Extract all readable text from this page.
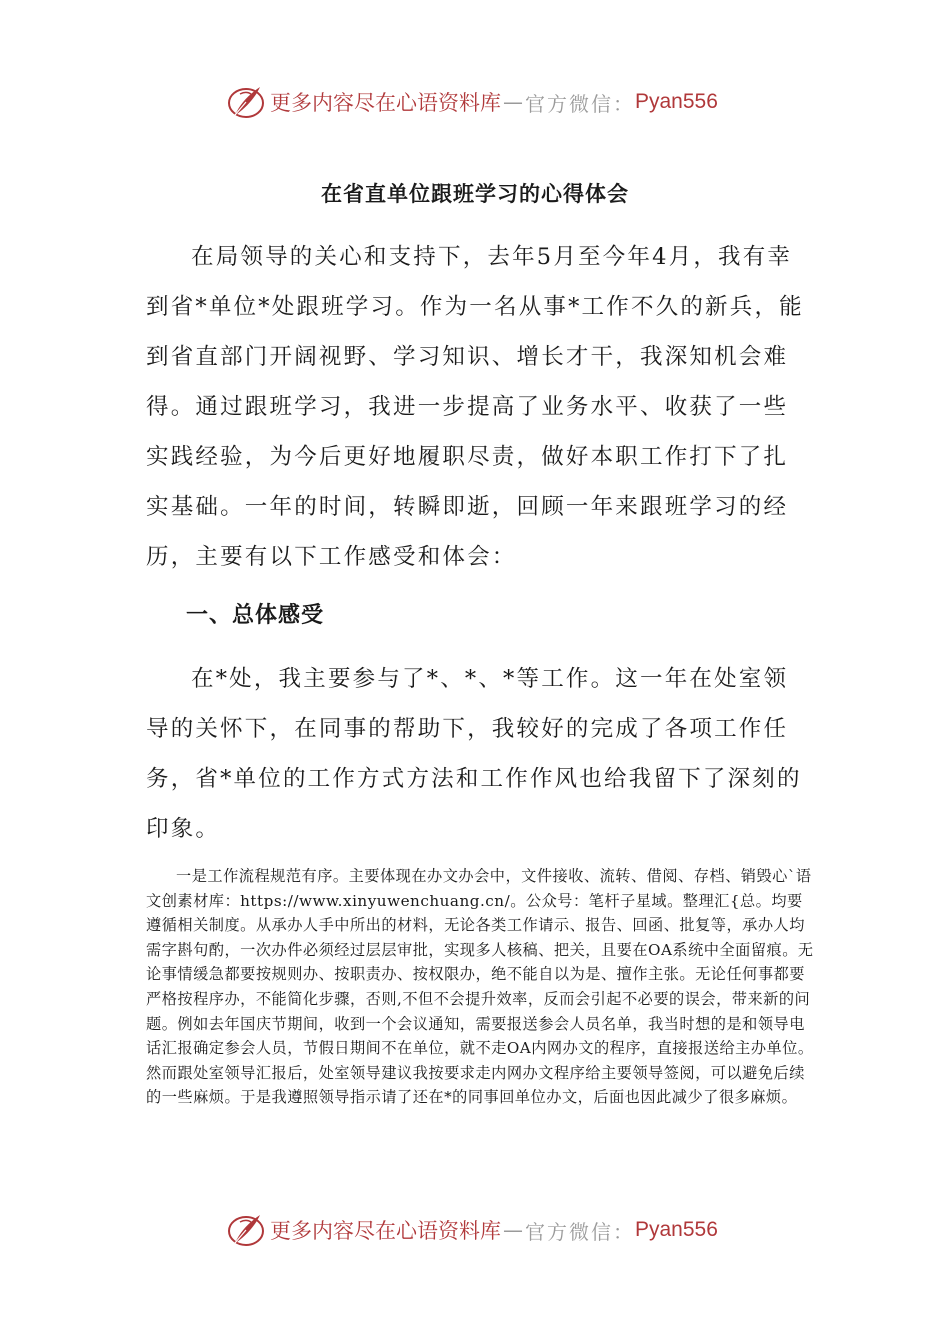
更多内容尽在心语资料库 — 官方微信： Pyan556
在省直单位跟班学习的心得体会

在局领导的关心和支持下，去年5月至今年4月，我有幸到省*单位*处跟班学习。作为一名从事*工作不久的新兵，能到省直部门开阔视野、学习知识、增长才干，我深知机会难得。通过跟班学习，我进一步提高了业务水平、收获了一些实践经验，为今后更好地履职尽责，做好本职工作打下了扎实基础。一年的时间，转瞬即逝，回顾一年来跟班学习的经历，主要有以下工作感受和体会：

一、总体感受

在*处，我主要参与了*、*、*等工作。这一年在处室领导的关怀下，在同事的帮助下，我较好的完成了各项工作任务，省*单位的工作方式方法和工作作风也给我留下了深刻的印象。

一是工作流程规范有序。主要体现在办文办会中，文件接收、流转、借阅、存档、销毁心`语文创素材库：https://www.xinyuwenchuang.cn/。公众号：笔杆子星域。整理汇{总。均要遵循相关制度。从承办人手中所出的材料，无论各类工作请示、报告、回函、批复等，承办人均需字斟句酌，一次办件必须经过层层审批，实现多人核稿、把关，且要在OA系统中全面留痕。无论事情缓急都要按规则办、按职责办、按权限办，绝不能自以为是、擅作主张。无论任何事都要严格按程序办，不能简化步骤，否则,不但不会提升效率，反而会引起不必要的误会，带来新的问题。例如去年国庆节期间，收到一个会议通知，需要报送参会人员名单，我当时想的是和领导电话汇报确定参会人员，节假日期间不在单位，就不走OA内网办文的程序，直接报送给主办单位。然而跟处室领导汇报后，处室领导建议我按要求走内网办文程序给主要领导签阅，可以避免后续的一些麻烦。于是我遵照领导指示请了还在*的同事回单位办文，后面也因此减少了很多麻烦。

更多内容尽在心语资料库 — 官方微信： Pyan556
